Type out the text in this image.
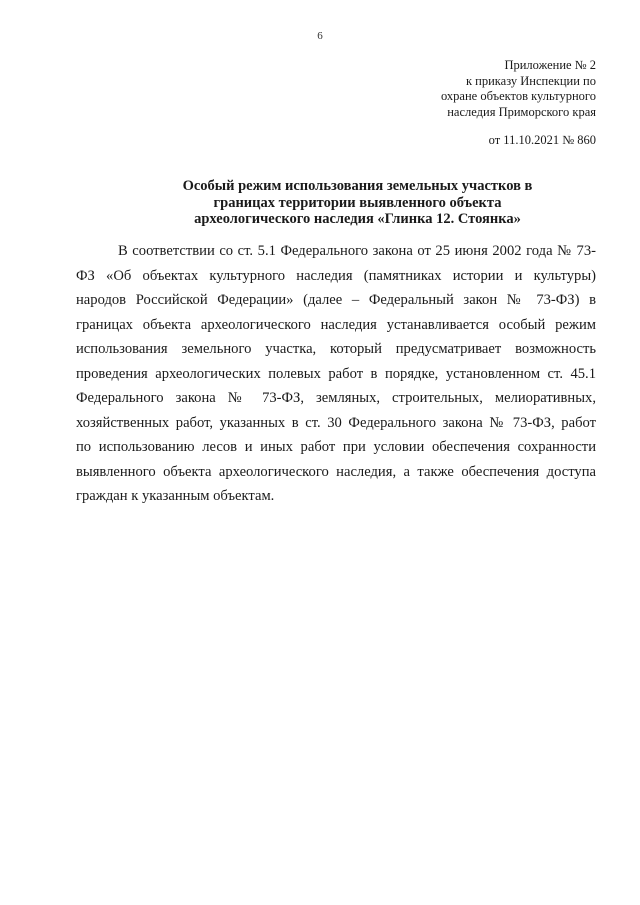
6
Приложение № 2
к приказу Инспекции по
охране объектов культурного
наследия Приморского края
от 11.10.2021 № 860
Особый режим использования земельных участков в
границах территории выявленного объекта
археологического наследия «Глинка 12. Стоянка»
В соответствии со ст. 5.1 Федерального закона от 25 июня 2002 года № 73-
ФЗ «Об объектах культурного наследия (памятниках истории и культуры)
народов Российской Федерации» (далее – Федеральный закон № 73-ФЗ) в
границах объекта археологического наследия устанавливается особый режим
использования земельного участка, который предусматривает возможность
проведения археологических полевых работ в порядке, установленном ст. 45.1
Федерального закона № 73-ФЗ, земляных, строительных, мелиоративных,
хозяйственных работ, указанных в ст. 30 Федерального закона № 73-ФЗ, работ
по использованию лесов и иных работ при условии обеспечения сохранности
выявленного объекта археологического наследия, а также обеспечения доступа
граждан к указанным объектам.
